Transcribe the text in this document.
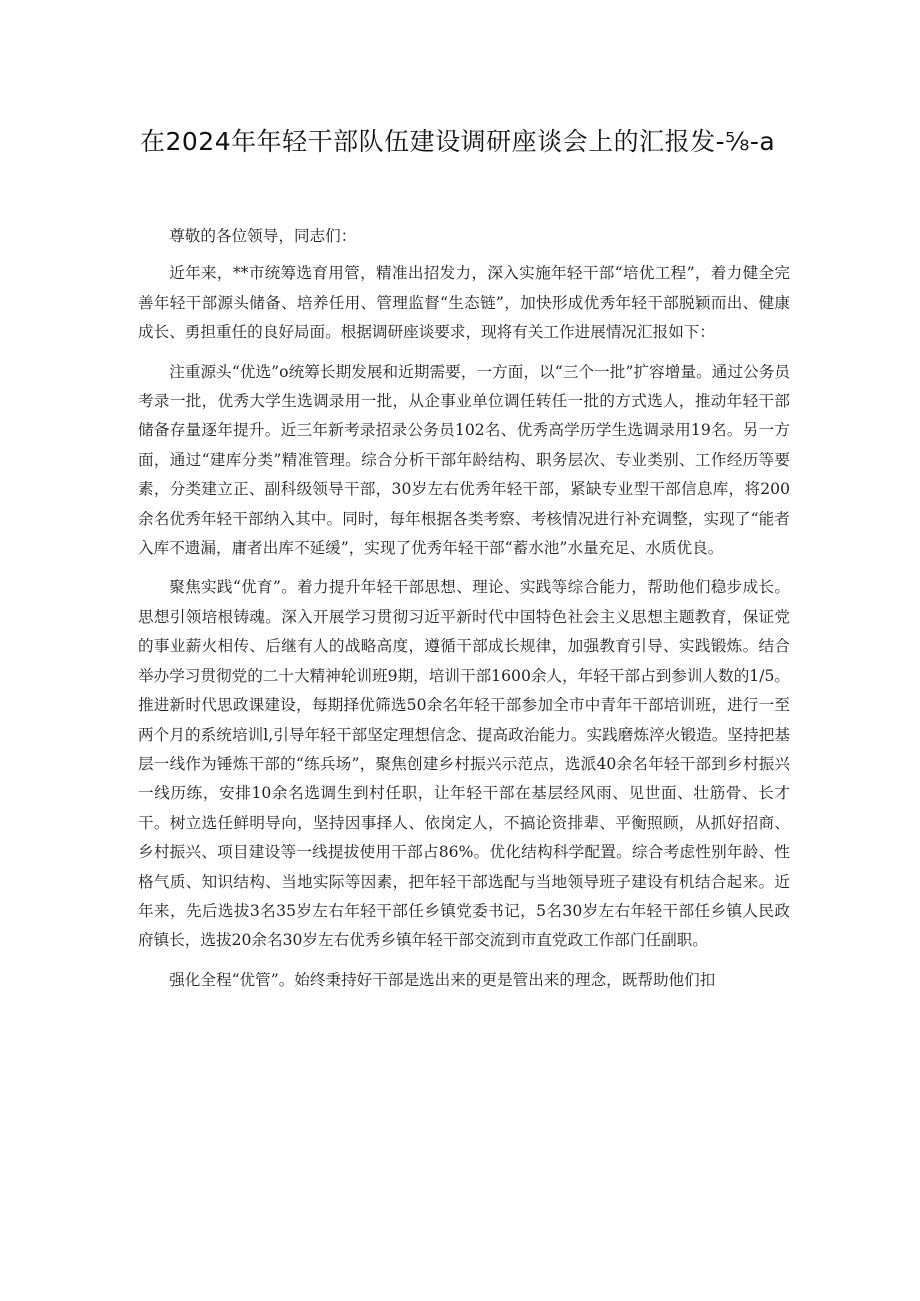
在2024年年轻干部队伍建设调研座谈会上的汇报发-⅝-a

尊敬的各位领导，同志们：

近年来，**市统筹选育用管，精准出招发力，深入实施年轻干部“培优工程”，着力健全完善年轻干部源头储备、培养任用、管理监督“生态链”，加快形成优秀年轻干部脱颖而出、健康成长、勇担重任的良好局面。根据调研座谈要求，现将有关工作进展情况汇报如下：

注重源头“优选”o统筹长期发展和近期需要，一方面，以“三个一批”扩容增量。通过公务员考录一批，优秀大学生选调录用一批，从企事业单位调任转任一批的方式选人，推动年轻干部储备存量逐年提升。近三年新考录招录公务员102名、优秀高学历学生选调录用19名。另一方面，通过“建库分类”精准管理。综合分析干部年龄结构、职务层次、专业类别、工作经历等要素，分类建立正、副科级领导干部，30岁左右优秀年轻干部，紧缺专业型干部信息库，将200余名优秀年轻干部纳入其中。同时，每年根据各类考察、考核情况进行补充调整，实现了“能者入库不遗漏，庸者出库不延缓”，实现了优秀年轻干部“蓄水池”水量充足、水质优良。

聚焦实践“优育”。着力提升年轻干部思想、理论、实践等综合能力，帮助他们稳步成长。思想引领培根铸魂。深入开展学习贯彻习近平新时代中国特色社会主义思想主题教育，保证党的事业薪火相传、后继有人的战略高度，遵循干部成长规律，加强教育引导、实践锻炼。结合举办学习贯彻党的二十大精神轮训班9期，培训干部1600余人，年轻干部占到参训人数的1/5。推进新时代思政课建设，每期择优筛选50余名年轻干部参加全市中青年干部培训班，进行一至两个月的系统培训l,引导年轻干部坚定理想信念、提高政治能力。实践磨炼淬火锻造。坚持把基层一线作为锤炼干部的“练兵场”，聚焦创建乡村振兴示范点，选派40余名年轻干部到乡村振兴一线历练，安排10余名选调生到村任职，让年轻干部在基层经风雨、见世面、壮筋骨、长才干。树立选任鲜明导向，坚持因事择人、依岗定人，不搞论资排辈、平衡照顾，从抓好招商、乡村振兴、项目建设等一线提拔使用干部占86%。优化结构科学配置。综合考虑性别年龄、性格气质、知识结构、当地实际等因素，把年轻干部选配与当地领导班子建设有机结合起来。近年来，先后选拔3名35岁左右年轻干部任乡镇党委书记，5名30岁左右年轻干部任乡镇人民政府镇长，选拔20余名30岁左右优秀乡镇年轻干部交流到市直党政工作部门任副职。

强化全程“优管”。始终秉持好干部是选出来的更是管出来的理念，既帮助他们扣
